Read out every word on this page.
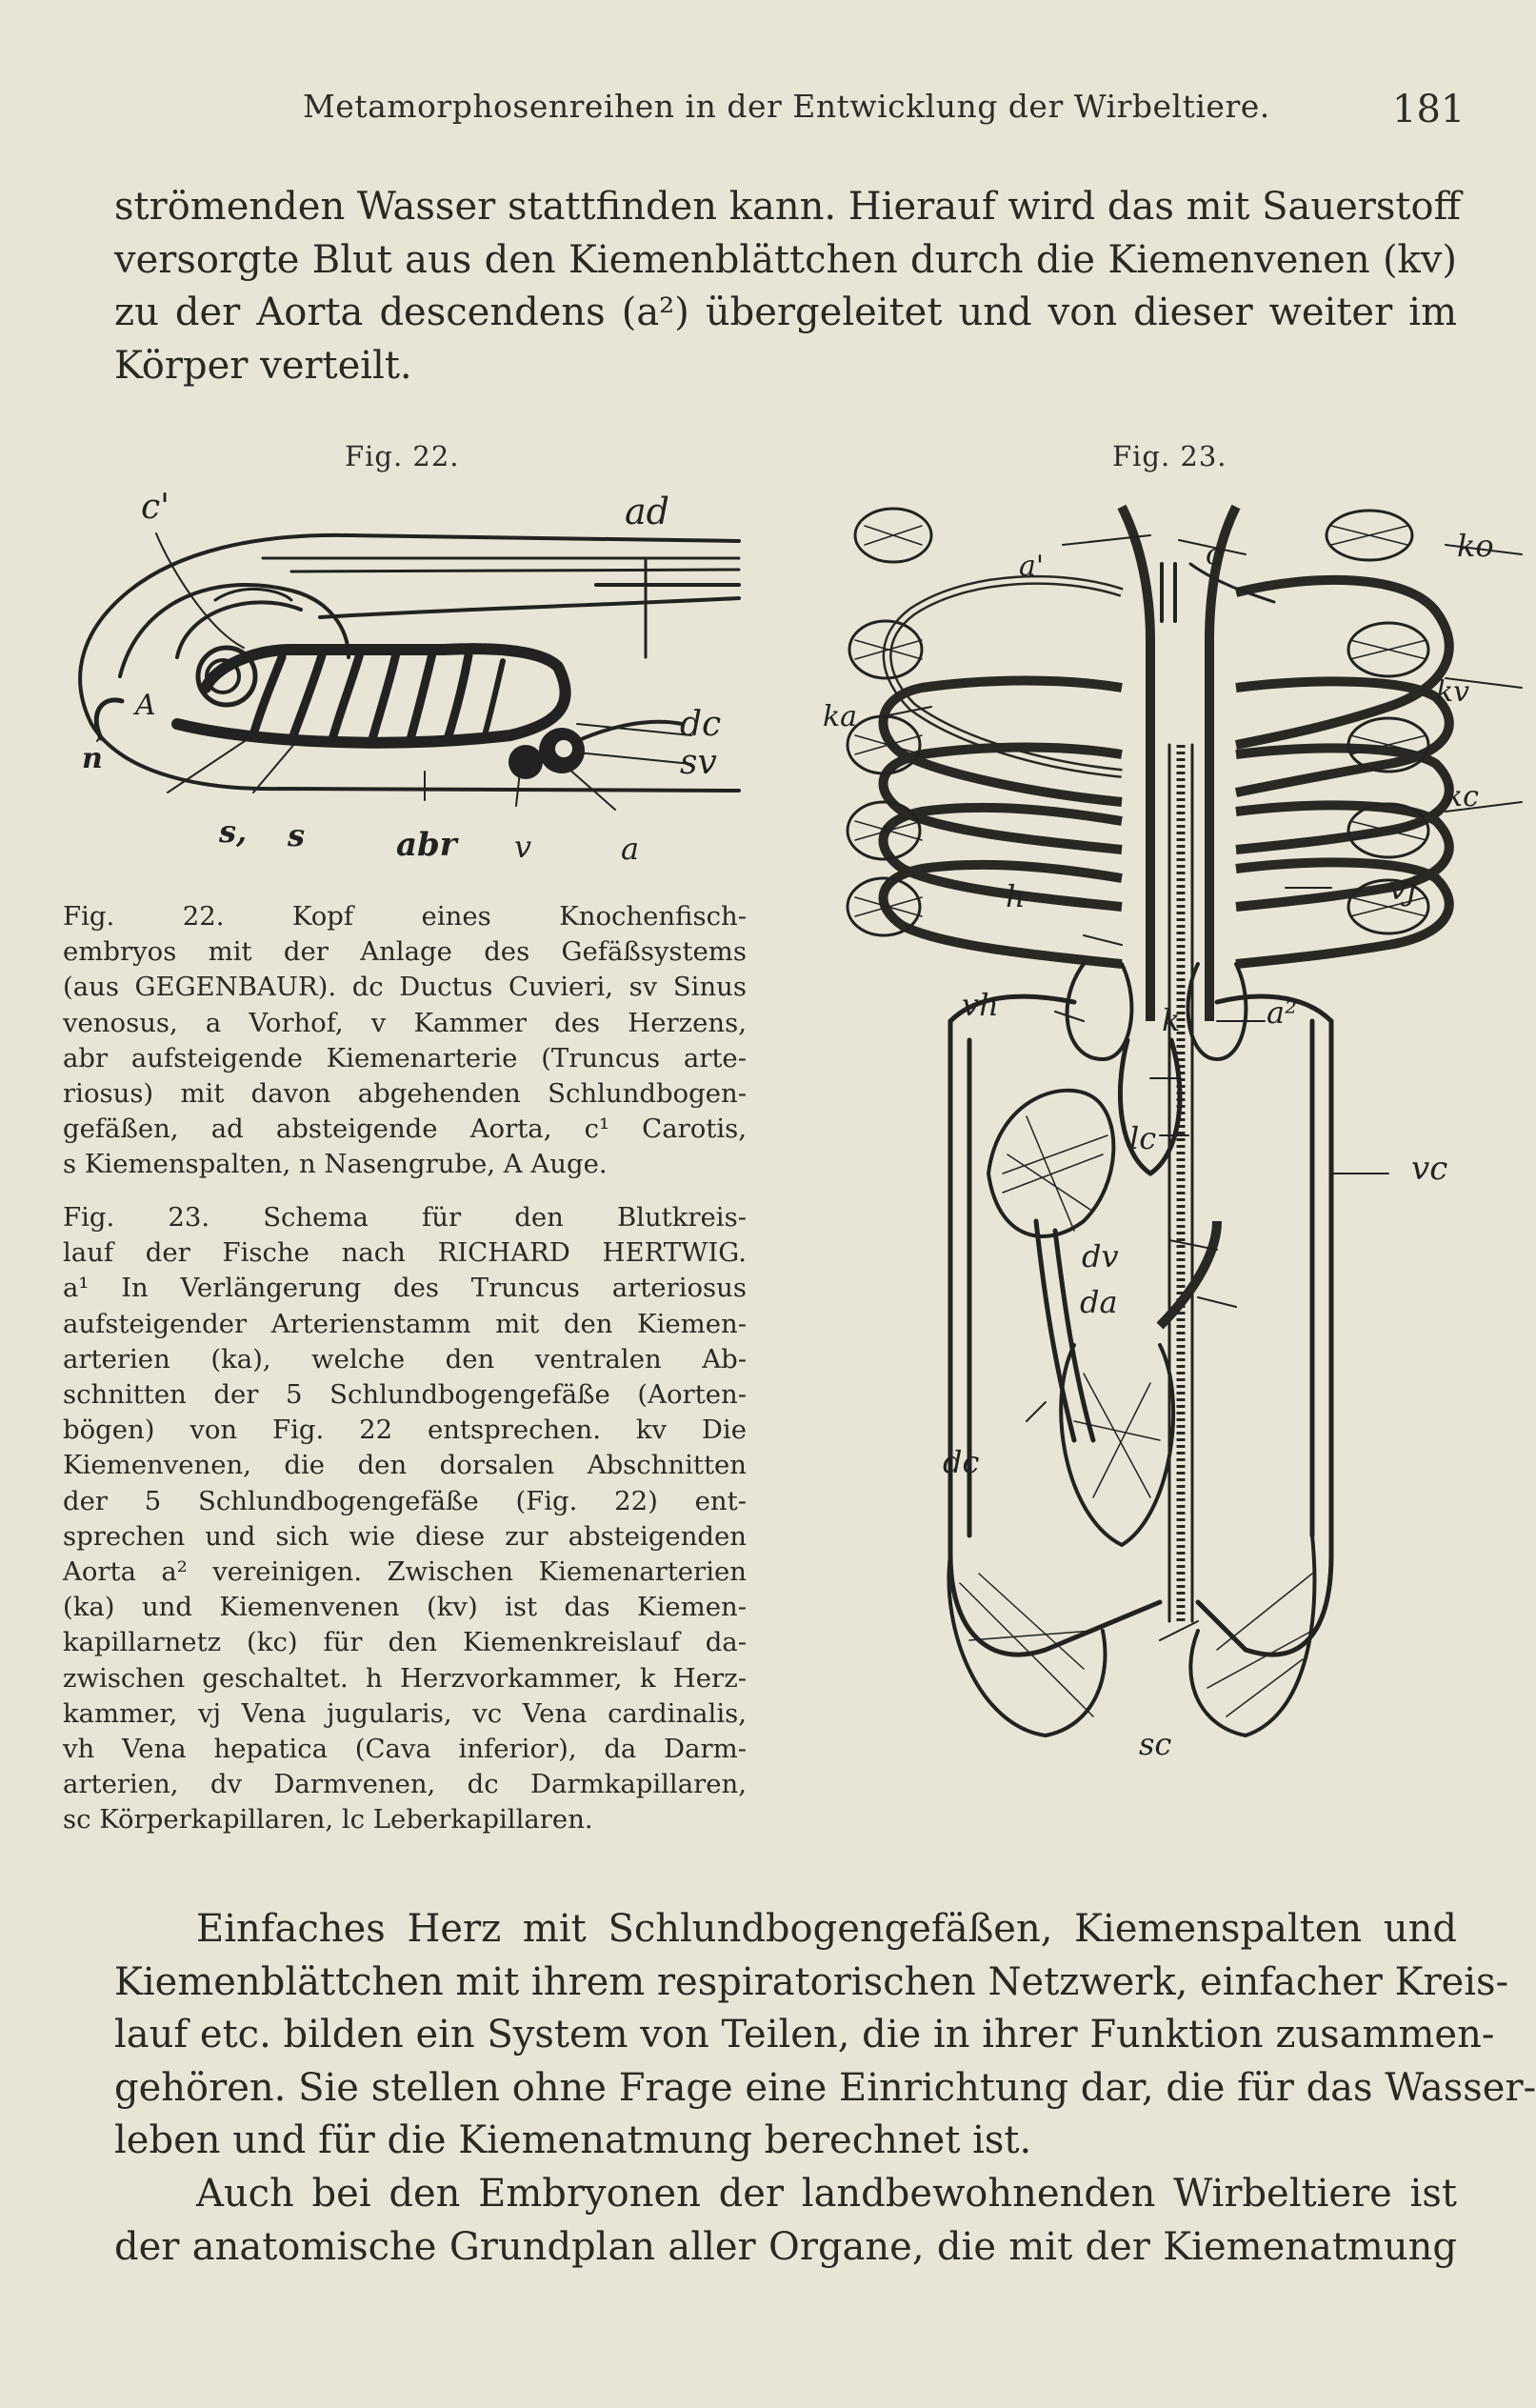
Metamorphosenreihen in der Entwicklung der Wirbeltiere.	181
strömenden Wasser stattfinden kann. Hierauf wird das mit Sauerstoff
versorgte Blut aus den Kiemenblättchen durch die Kiemenvenen (kv)
zu der Aorta descendens (a²) übergeleitet und von dieser weiter im
Körper verteilt.
Fig. 22.	Fig. 23.
c'	ad
A
n
dc
sv
s, s	abr v	a
Fig. 22. Kopf eines Knochenfisch-
embryos mit der Anlage des Gefäßsystems
(aus GEGENBAUR). dc Ductus Cuvieri, sv Sinus
venosus, a Vorhof, v Kammer des Herzens,
abr aufsteigende Kiemenarterie (Truncus arte-
riosus) mit davon abgehenden Schlundbogen-
gefäßen, ad absteigende Aorta, c¹ Carotis,
s Kiemenspalten, n Nasengrube, A Auge.
Fig. 23. Schema für den Blutkreis-
lauf der Fische nach RICHARD HERTWIG.
a¹ In Verlängerung des Truncus arteriosus
aufsteigender Arterienstamm mit den Kiemen-
arterien (ka), welche den ventralen Ab-
schnitten der 5 Schlundbogengefäße (Aorten-
bögen) von Fig. 22 entsprechen. kv Die
Kiemenvenen, die den dorsalen Abschnitten
der 5 Schlundbogengefäße (Fig. 22) ent-
sprechen und sich wie diese zur absteigenden
Aorta a² vereinigen. Zwischen Kiemenarterien
(ka) und Kiemenvenen (kv) ist das Kiemen-
kapillarnetz (kc) für den Kiemenkreislauf da-
zwischen geschaltet. h Herzvorkammer, k Herz-
kammer, vj Vena jugularis, vc Vena cardinalis,
vh Vena hepatica (Cava inferior), da Darm-
arterien, dv Darmvenen, dc Darmkapillaren,
sc Körperkapillaren, lc Leberkapillaren.
a'	c	ko
ka
kv
kc
vj
h
vh	k	a²
lc
vc
dv
da
dc
sc
Einfaches Herz mit Schlundbogengefäßen, Kiemenspalten und
Kiemenblättchen mit ihrem respiratorischen Netzwerk, einfacher Kreis-
lauf etc. bilden ein System von Teilen, die in ihrer Funktion zusammen-
gehören. Sie stellen ohne Frage eine Einrichtung dar, die für das Wasser-
leben und für die Kiemenatmung berechnet ist.
Auch bei den Embryonen der landbewohnenden Wirbeltiere ist
der anatomische Grundplan aller Organe, die mit der Kiemenatmung
